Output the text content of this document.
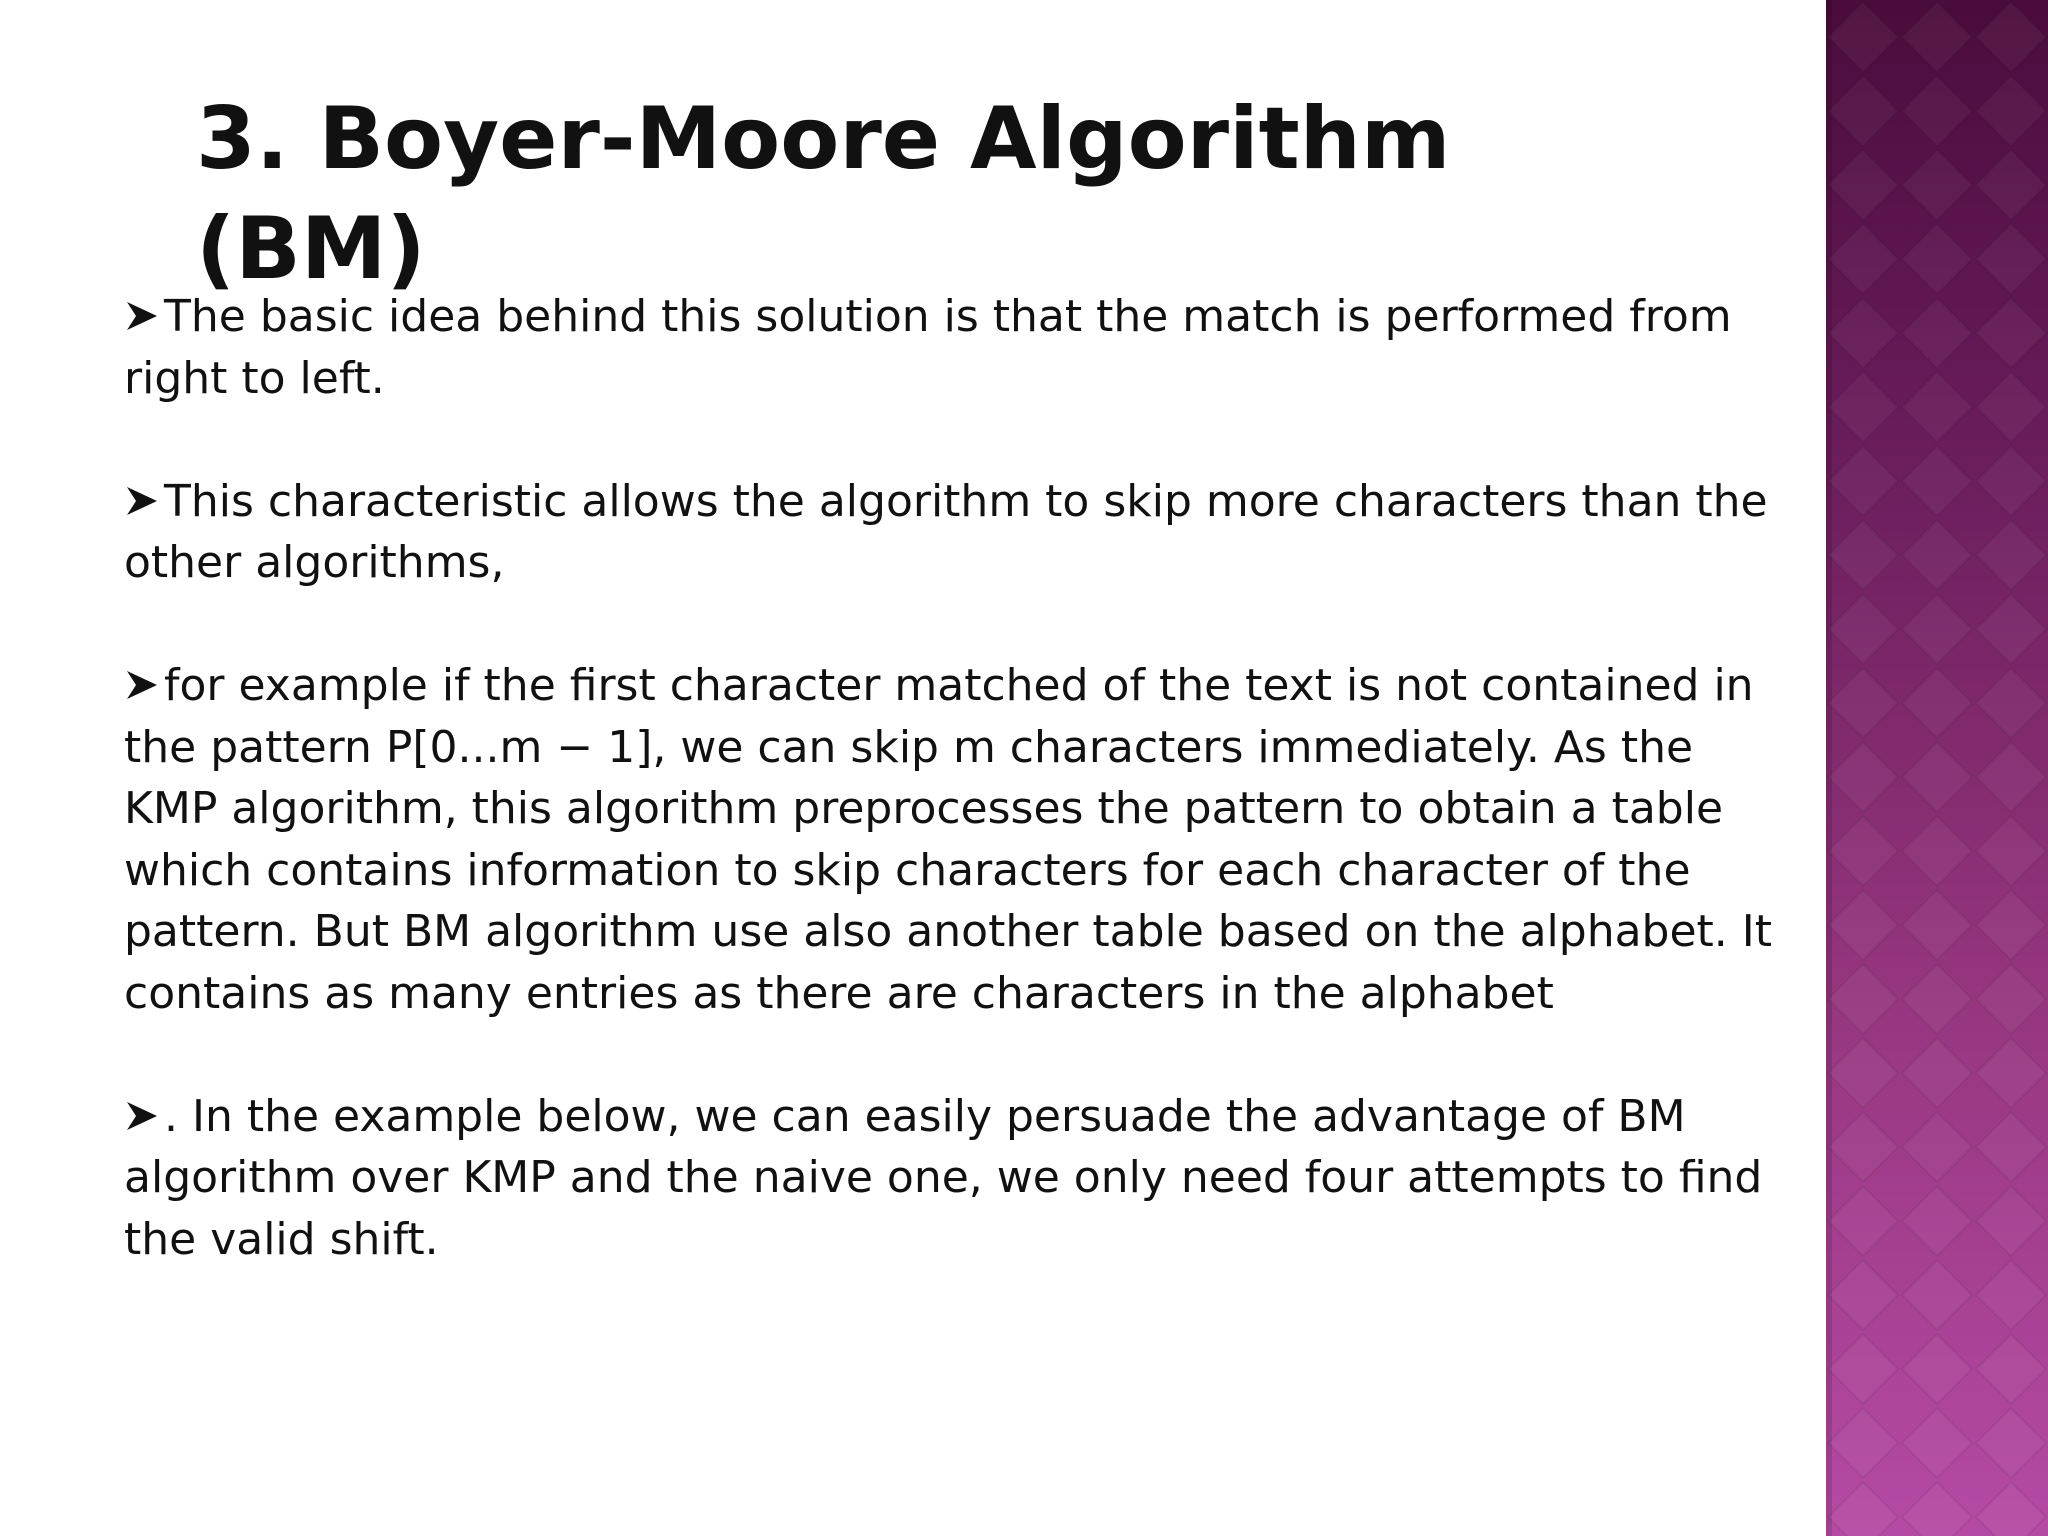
3. Boyer-Moore Algorithm (BM)

The basic idea behind this solution is that the match is performed from right to left.

This characteristic allows the algorithm to skip more characters than the other algorithms,

for example if the first character matched of the text is not contained in the pattern P[0...m − 1], we can skip m characters immediately. As the KMP algorithm, this algorithm preprocesses the pattern to obtain a table which contains information to skip characters for each character of the pattern. But BM algorithm use also another table based on the alphabet. It contains as many entries as there are characters in the alphabet

. In the example below, we can easily persuade the advantage of BM algorithm over KMP and the naive one, we only need four attempts to find the valid shift.
